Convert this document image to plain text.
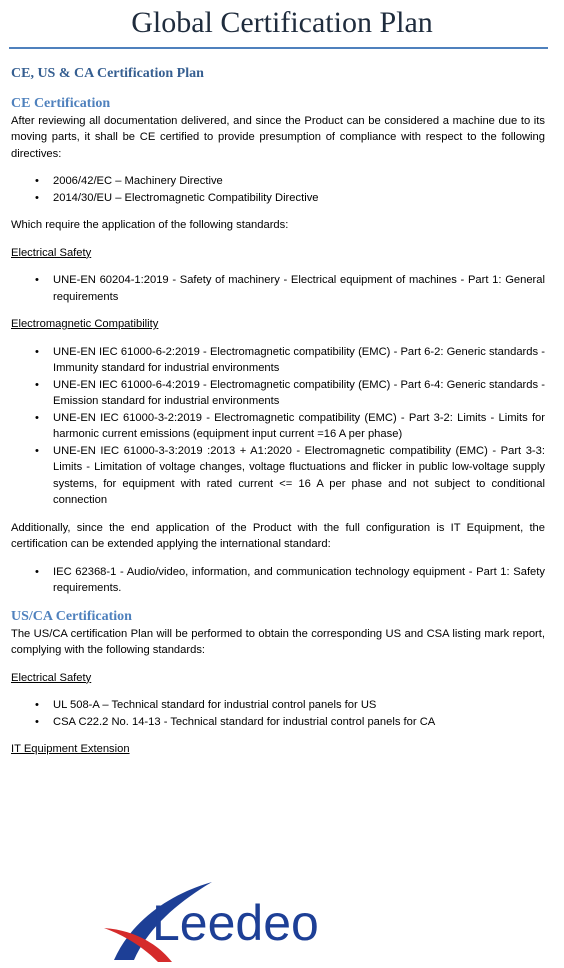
Global Certification Plan
CE, US & CA Certification Plan
CE Certification

After reviewing all documentation delivered, and since the Product can be considered a machine due to its moving parts, it shall be CE certified to provide presumption of compliance with respect to the following directives:

• 2006/42/EC – Machinery Directive
• 2014/30/EU – Electromagnetic Compatibility Directive

Which require the application of the following standards:

Electrical Safety
• UNE-EN 60204-1:2019 - Safety of machinery - Electrical equipment of machines - Part 1: General requirements
Electromagnetic Compatibility
• UNE-EN IEC 61000-6-2:2019 - Electromagnetic compatibility (EMC) - Part 6-2: Generic standards - Immunity standard for industrial environments
• UNE-EN IEC 61000-6-4:2019 - Electromagnetic compatibility (EMC) - Part 6-4: Generic standards - Emission standard for industrial environments
• UNE-EN IEC 61000-3-2:2019 - Electromagnetic compatibility (EMC) - Part 3-2: Limits - Limits for harmonic current emissions (equipment input current =16 A per phase)
• UNE-EN IEC 61000-3-3:2019 :2013 + A1:2020 - Electromagnetic compatibility (EMC) - Part 3-3: Limits - Limitation of voltage changes, voltage fluctuations and flicker in public low-voltage supply systems, for equipment with rated current <= 16 A per phase and not subject to conditional connection

Additionally, since the end application of the Product with the full configuration is IT Equipment, the certification can be extended applying the international standard:

• IEC 62368-1 - Audio/video, information, and communication technology equipment - Part 1: Safety requirements.
US/CA Certification

The US/CA certification Plan will be performed to obtain the corresponding US and CSA listing mark report, complying with the following standards:

Electrical Safety
• UL 508-A – Technical standard for industrial control panels for US
• CSA C22.2 No. 14-13 - Technical standard for industrial control panels for CA
IT Equipment Extension
Leedeo
